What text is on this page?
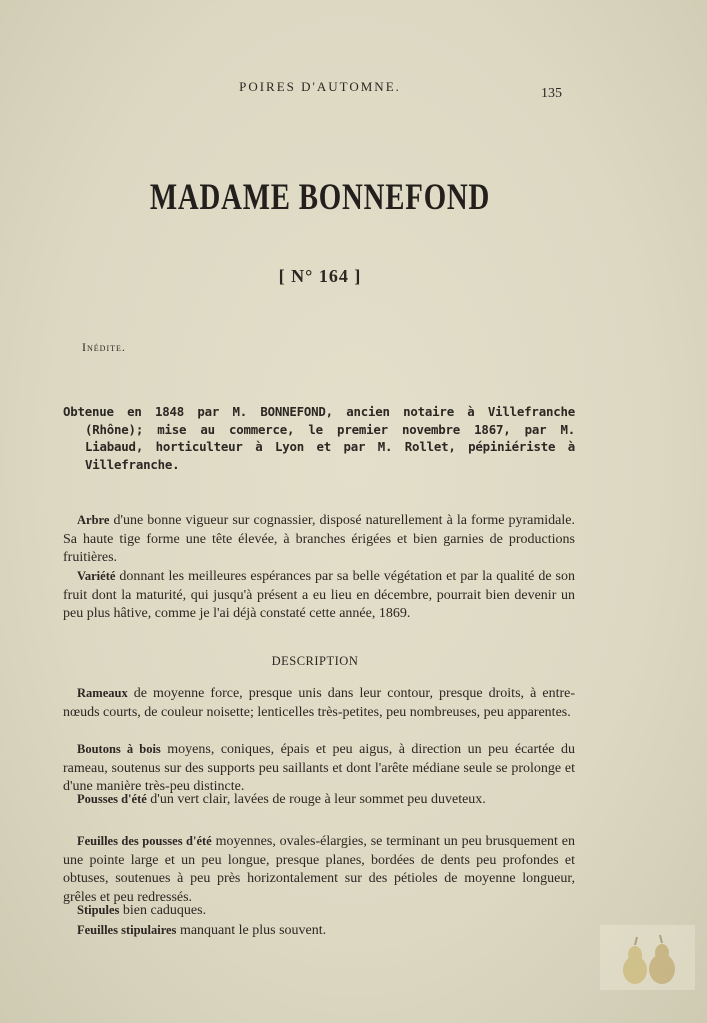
POIRES D'AUTOMNE.	135
MADAME BONNEFOND
[ N° 164 ]
Inédite.
Obtenue en 1848 par M. BONNEFOND, ancien notaire à Villefranche (Rhône); mise au commerce, le premier novembre 1867, par M. Liabaud, horticulteur à Lyon et par M. Rollet, pépiniériste à Villefranche.
Arbre d'une bonne vigueur sur cognassier, disposé naturellement à la forme pyramidale. Sa haute tige forme une tête élevée, à branches érigées et bien garnies de productions fruitières.
Variété donnant les meilleures espérances par sa belle végétation et par la qualité de son fruit dont la maturité, qui jusqu'à présent a eu lieu en décembre, pourrait bien devenir un peu plus hâtive, comme je l'ai déjà constaté cette année, 1869.
DESCRIPTION
Rameaux de moyenne force, presque unis dans leur contour, presque droits, à entre-nœuds courts, de couleur noisette; lenticelles très-petites, peu nombreuses, peu apparentes.
Boutons à bois moyens, coniques, épais et peu aigus, à direction un peu écartée du rameau, soutenus sur des supports peu saillants et dont l'arête médiane seule se prolonge et d'une manière très-peu distincte.
Pousses d'été d'un vert clair, lavées de rouge à leur sommet peu duveteux.
Feuilles des pousses d'été moyennes, ovales-élargies, se terminant un peu brusquement en une pointe large et un peu longue, presque planes, bordées de dents peu profondes et obtuses, soutenues à peu près horizontalement sur des pétioles de moyenne longueur, grêles et peu redressés.
Stipules bien caduques.
Feuilles stipulaires manquant le plus souvent.
